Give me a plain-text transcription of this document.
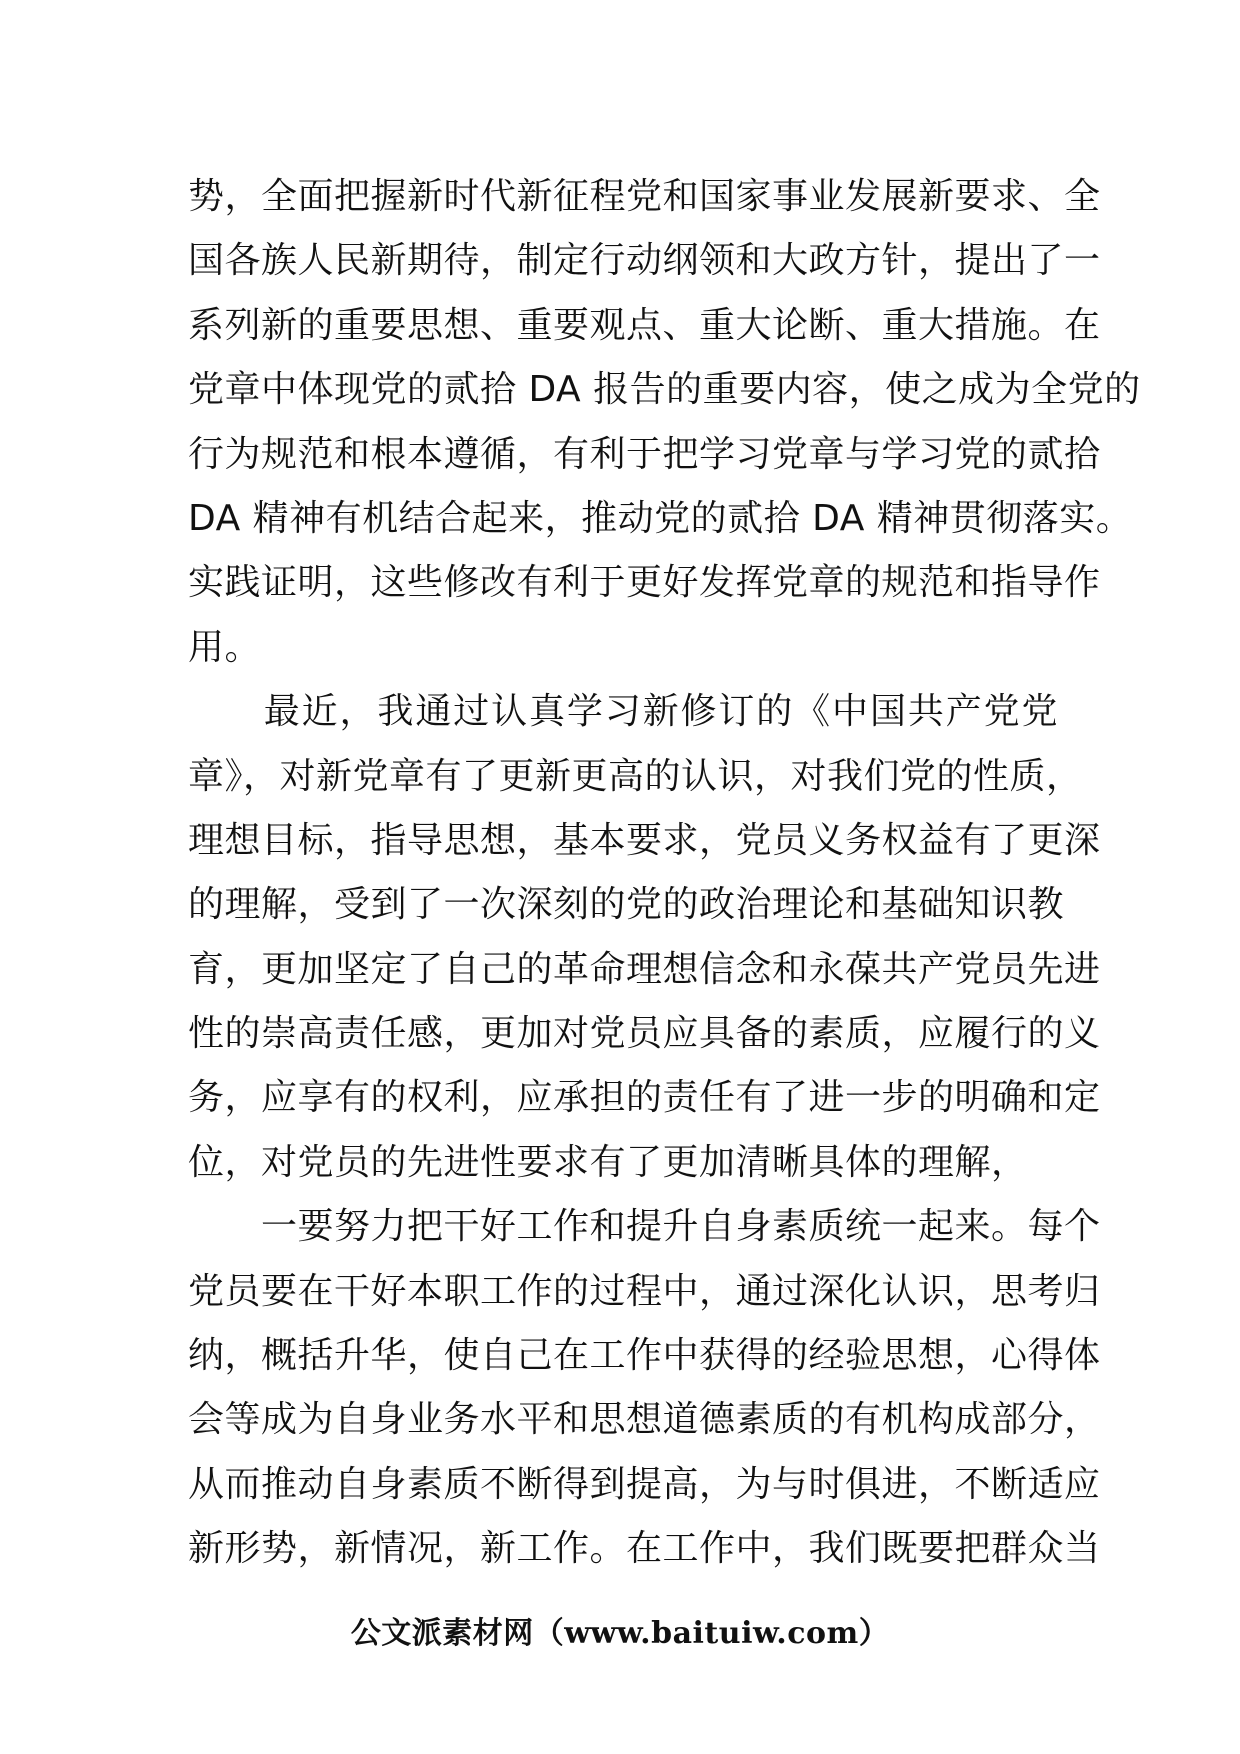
势，全面把握新时代新征程党和国家事业发展新要求、全
国各族人民新期待，制定行动纲领和大政方针，提出了一
系列新的重要思想、重要观点、重大论断、重大措施。在
党章中体现党的贰拾 DA 报告的重要内容，使之成为全党的
行为规范和根本遵循，有利于把学习党章与学习党的贰拾
DA 精神有机结合起来，推动党的贰拾 DA 精神贯彻落实。
实践证明，这些修改有利于更好发挥党章的规范和指导作
用。
　　最近，我通过认真学习新修订的《中国共产党党
章》，对新党章有了更新更高的认识，对我们党的性质，
理想目标，指导思想，基本要求，党员义务权益有了更深
的理解，受到了一次深刻的党的政治理论和基础知识教
育，更加坚定了自己的革命理想信念和永葆共产党员先进
性的崇高责任感，更加对党员应具备的素质，应履行的义
务，应享有的权利，应承担的责任有了进一步的明确和定
位，对党员的先进性要求有了更加清晰具体的理解，
　　一要努力把干好工作和提升自身素质统一起来。每个
党员要在干好本职工作的过程中，通过深化认识，思考归
纳，概括升华，使自己在工作中获得的经验思想，心得体
会等成为自身业务水平和思想道德素质的有机构成部分，
从而推动自身素质不断得到提高，为与时俱进，不断适应
新形势，新情况，新工作。在工作中，我们既要把群众当
公文派素材网（www.baituiw.com）
